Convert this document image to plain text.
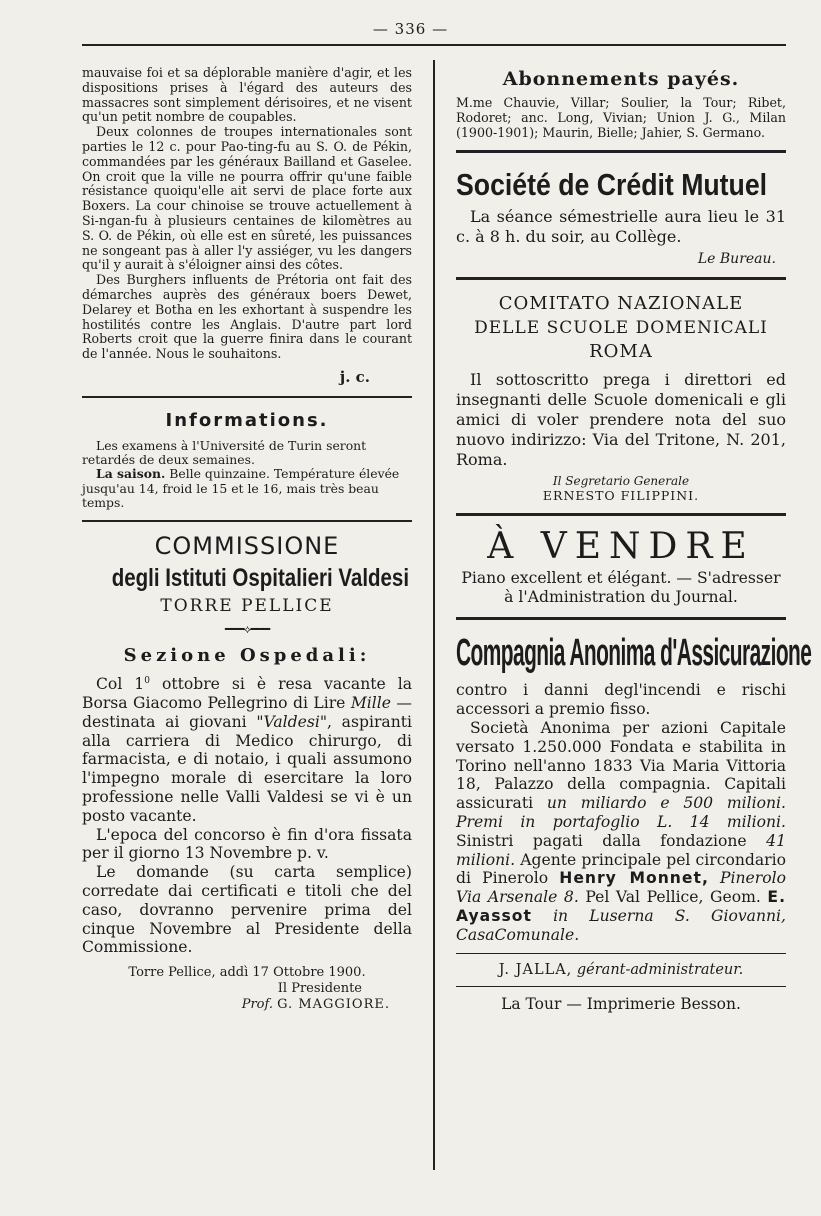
— 336 —

mauvaise foi et sa déplorable manière d'agir, et les dispositions prises à l'égard des auteurs des massacres sont simplement dérisoires, et ne visent qu'un petit nombre de coupables.

Deux colonnes de troupes internationales sont parties le 12 c. pour Pao-ting-fu au S. O. de Pékin, commandées par les généraux Bailland et Gaselee. On croit que la ville ne pourra offrir qu'une faible résistance quoiqu'elle ait servi de place forte aux Boxers. La cour chinoise se trouve actuellement à Si-ngan-fu à plusieurs centaines de kilomètres au S. O. de Pékin, où elle est en sûreté, les puissances ne songeant pas à aller l'y assiéger, vu les dangers qu'il y aurait à s'éloigner ainsi des côtes.

Des Burghers influents de Prétoria ont fait des démarches auprès des généraux boers Dewet, Delarey et Botha en les exhortant à suspendre les hostilités contre les Anglais. D'autre part lord Roberts croit que la guerre finira dans le courant de l'année. Nous le souhaitons.

j. c.
Informations.

Les examens à l'Université de Turin seront retardés de deux semaines.

La saison. Belle quinzaine. Température élevée jusqu'au 14, froid le 15 et le 16, mais très beau temps.

COMMISSIONE
degli Istituti Ospitalieri Valdesi
TORRE PELLICE
━━━⟡━━━
Sezione Ospedali:

Col $1^0$ ottobre si è resa vacante la Borsa Giacomo Pellegrino di Lire Mille — destinata ai giovani "Valdesi", aspiranti alla carriera di Medico chirurgo, di farmacista, e di notaio, i quali assumono l'impegno morale di esercitare la loro professione nelle Valli Valdesi se vi è un posto vacante.

L'epoca del concorso è fin d'ora fissata per il giorno 13 Novembre p. v.

Le domande (su carta semplice) corredate dai certificati e titoli che del caso, dovranno pervenire prima del cinque Novembre al Presidente della Commissione.

Torre Pellice, addì 17 Ottobre 1900.
Il Presidente
Prof. G. MAGGIORE.
Abonnements payés.

M.me Chauvie, Villar; Soulier, la Tour; Ribet, Rodoret; anc. Long, Vivian; Union J. G., Milan (1900-1901); Maurin, Bielle; Jahier, S. Germano.

Société de Crédit Mutuel

La séance sémestrielle aura lieu le 31 c. à 8 h. du soir, au Collège.

Le Bureau.
COMITATO NAZIONALE
DELLE SCUOLE DOMENICALI
ROMA

Il sottoscritto prega i direttori ed insegnanti delle Scuole domenicali e gli amici di voler prendere nota del suo nuovo indirizzo: Via del Tritone, N. 201, Roma.

Il Segretario Generale
ERNESTO FILIPPINI.
À VENDRE

Piano excellent et élégant. — S'adresser à l'Administration du Journal.

Compagnia Anonima d'Assicurazione

contro i danni degl'incendi e rischi accessori a premio fisso.

Società Anonima per azioni Capitale versato 1.250.000 Fondata e stabilita in Torino nell'anno 1833 Via Maria Vittoria 18, Palazzo della compagnia. Capitali assicurati un miliardo e 500 milioni. Premi in portafoglio L. 14 milioni. Sinistri pagati dalla fondazione 41 milioni. Agente principale pel circondario di Pinerolo Henry Monnet, Pinerolo Via Arsenale 8. Pel Val Pellice, Geom. E. Ayassot in Luserna S. Giovanni, CasaComunale.

J. JALLA, gérant-administrateur.
La Tour — Imprimerie Besson.
